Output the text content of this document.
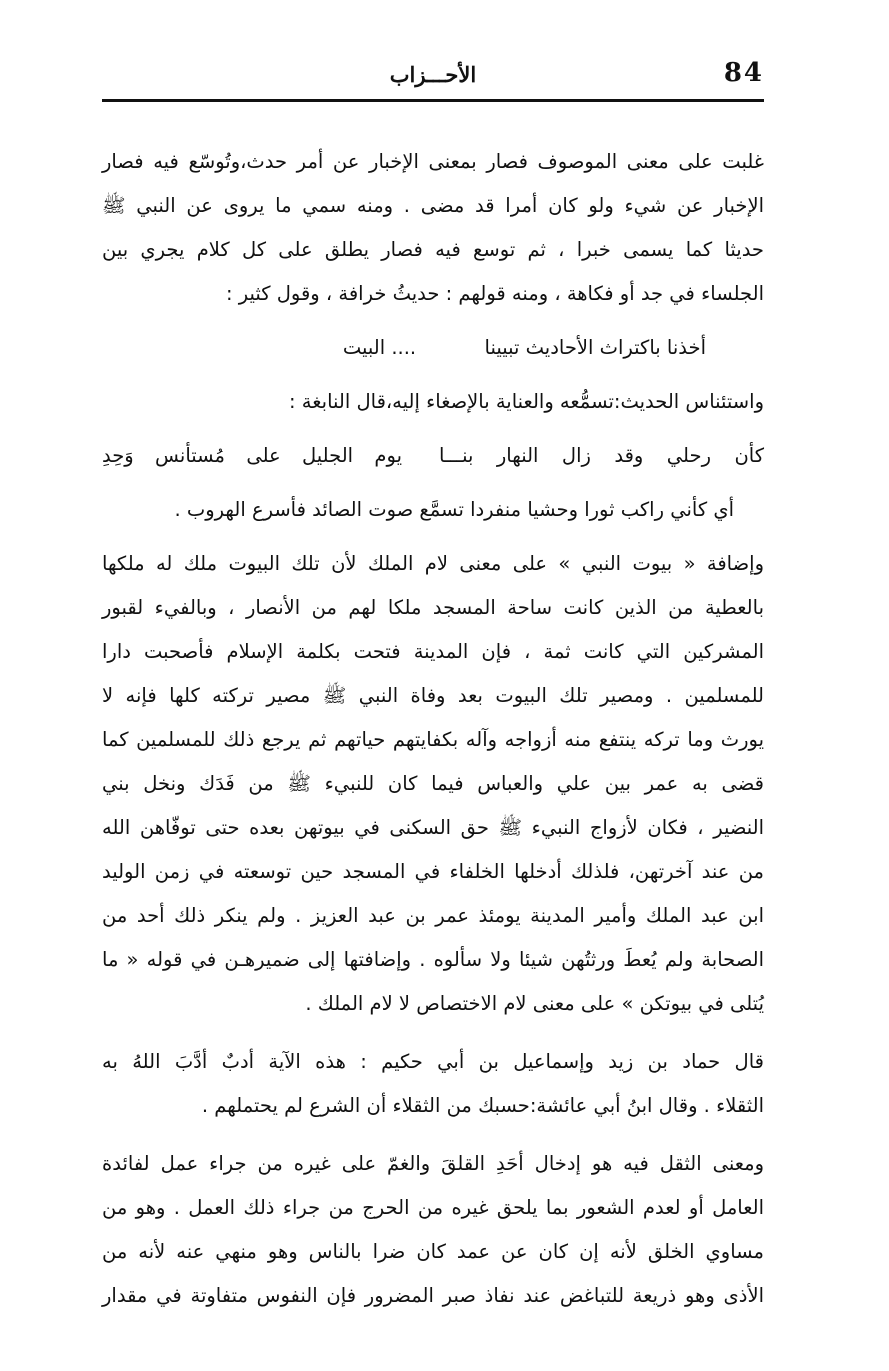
84
الأحـــزاب
غلبت على معنى الموصوف فصار بمعنى الإخبار عن أمر حدث،وتُوسّع فيه فصار
الإخبار عن شيء ولو كان أمرا قد مضى . ومنه سمي ما يروى عن النبي ﷺ
حديثا كما يسمى خبرا ، ثم توسع فيه فصار يطلق على كل كلام يجري بين
الجلساء في جد أو فكاهة ، ومنه قولهم : حديثُ خرافة ، وقول كثير :
أخذنا باكتراث الأحاديث تبيينا  .... البيت
واستئناس الحديث:تسمُّعه والعناية بالإصغاء إليه،قال النابغة :
كأن رحلي وقد زال النهار بنـــا
يوم الجليل على مُستأنس وَحِدِ
أي كأني راكب ثورا وحشيا منفردا تسمَّع صوت الصائد فأسرع الهروب .
وإضافة « بيوت النبي » على معنى لام الملك لأن تلك البيوت ملك له ملكها
بالعطية من الذين كانت ساحة المسجد ملكا لهم من الأنصار ، وبالفيء لقبور
المشركين التي كانت ثمة ، فإن المدينة فتحت بكلمة الإسلام فأصحبت دارا
للمسلمين . ومصير تلك البيوت بعد وفاة النبي ﷺ مصير تركته كلها فإنه لا
يورث وما تركه ينتفع منه أزواجه وآله بكفايتهم حياتهم ثم يرجع ذلك للمسلمين كما
قضى به عمر بين علي والعباس فيما كان للنبيء ﷺ من فَدَك ونخل بني
النضير ، فكان لأزواج النبيء ﷺ حق السكنى في بيوتهن بعده حتى توفّاهن الله
من عند آخرتهن، فلذلك أدخلها الخلفاء في المسجد حين توسعته في زمن الوليد
ابن عبد الملك وأمير المدينة يومئذ عمر بن عبد العزيز . ولم ينكر ذلك أحد من
الصحابة ولم يُعطَ ورثتُهن شيئا ولا سألوه . وإضافتها إلى ضميرهـن في قوله « ما
يُتلى في بيوتكن » على معنى لام الاختصاص لا لام الملك .
قال حماد بن زيد وإسماعيل بن أبي حكيم : هذه الآية أدبٌ أدَّبَ اللهُ به
الثقلاء . وقال ابنُ أبي عائشة:حسبك من الثقلاء أن الشرع لم يحتملهم .
ومعنى الثقل فيه هو إدخال أحَدِ القلقَ والغمّ على غيره من جراء عمل لفائدة
العامل أو لعدم الشعور بما يلحق غيره من الحرج من جراء ذلك العمل . وهو من
مساوي الخلق لأنه إن كان عن عمد كان ضرا بالناس وهو منهي عنه لأنه من
الأذى وهو ذريعة للتباغض عند نفاذ صبر المضرور فإن النفوس متفاوتة في مقدار
